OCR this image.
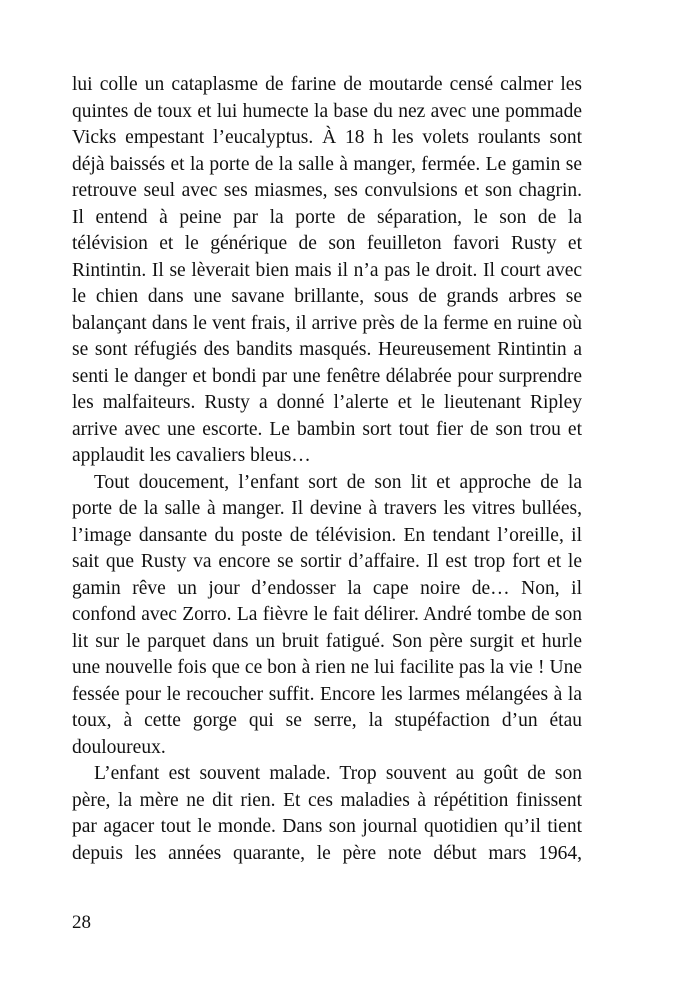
lui colle un cataplasme de farine de moutarde censé calmer les quintes de toux et lui humecte la base du nez avec une pommade Vicks empestant l’eucalyptus. À 18 h les volets roulants sont déjà baissés et la porte de la salle à manger, fermée. Le gamin se retrouve seul avec ses miasmes, ses convulsions et son chagrin. Il entend à peine par la porte de séparation, le son de la télévision et le générique de son feuilleton favori Rusty et Rintintin. Il se lèverait bien mais il n’a pas le droit. Il court avec le chien dans une savane brillante, sous de grands arbres se balançant dans le vent frais, il arrive près de la ferme en ruine où se sont réfugiés des bandits masqués. Heureusement Rintintin a senti le danger et bondi par une fenêtre délabrée pour surprendre les malfaiteurs. Rusty a donné l’alerte et le lieutenant Ripley arrive avec une escorte. Le bambin sort tout fier de son trou et applaudit les cavaliers bleus…

Tout doucement, l’enfant sort de son lit et approche de la porte de la salle à manger. Il devine à travers les vitres bullées, l’image dansante du poste de télévision. En tendant l’oreille, il sait que Rusty va encore se sortir d’affaire. Il est trop fort et le gamin rêve un jour d’endosser la cape noire de… Non, il confond avec Zorro. La fièvre le fait délirer. André tombe de son lit sur le parquet dans un bruit fatigué. Son père surgit et hurle une nouvelle fois que ce bon à rien ne lui facilite pas la vie ! Une fessée pour le recoucher suffit. Encore les larmes mélangées à la toux, à cette gorge qui se serre, la stupéfaction d’un étau douloureux.

L’enfant est souvent malade. Trop souvent au goût de son père, la mère ne dit rien. Et ces maladies à répétition finissent par agacer tout le monde. Dans son journal quotidien qu’il tient depuis les années quarante, le père note début mars 1964,

28
